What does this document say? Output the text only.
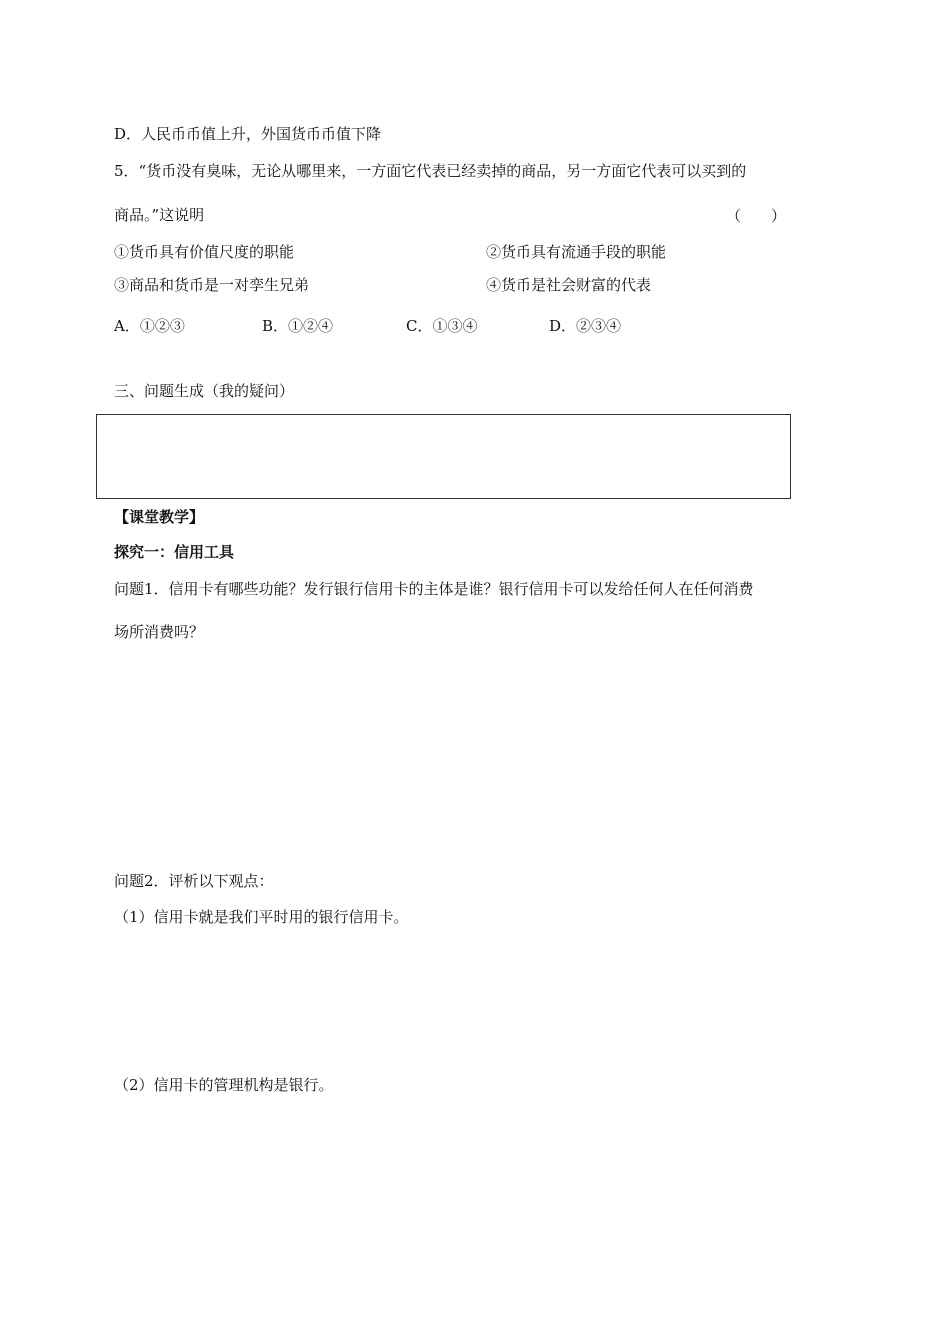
D．人民币币值上升，外国货币币值下降
5．“货币没有臭味，无论从哪里来，一方面它代表已经卖掉的商品，另一方面它代表可以买到的
商品。”这说明	（　　）
①货币具有价值尺度的职能	②货币具有流通手段的职能
③商品和货币是一对孪生兄弟	④货币是社会财富的代表
A．①②③	B．①②④	C．①③④	D．②③④
三、问题生成（我的疑问）
【课堂教学】
探究一：信用工具
问题1．信用卡有哪些功能？发行银行信用卡的主体是谁？银行信用卡可以发给任何人在任何消费
场所消费吗？
问题2．评析以下观点：
（1）信用卡就是我们平时用的银行信用卡。
（2）信用卡的管理机构是银行。
